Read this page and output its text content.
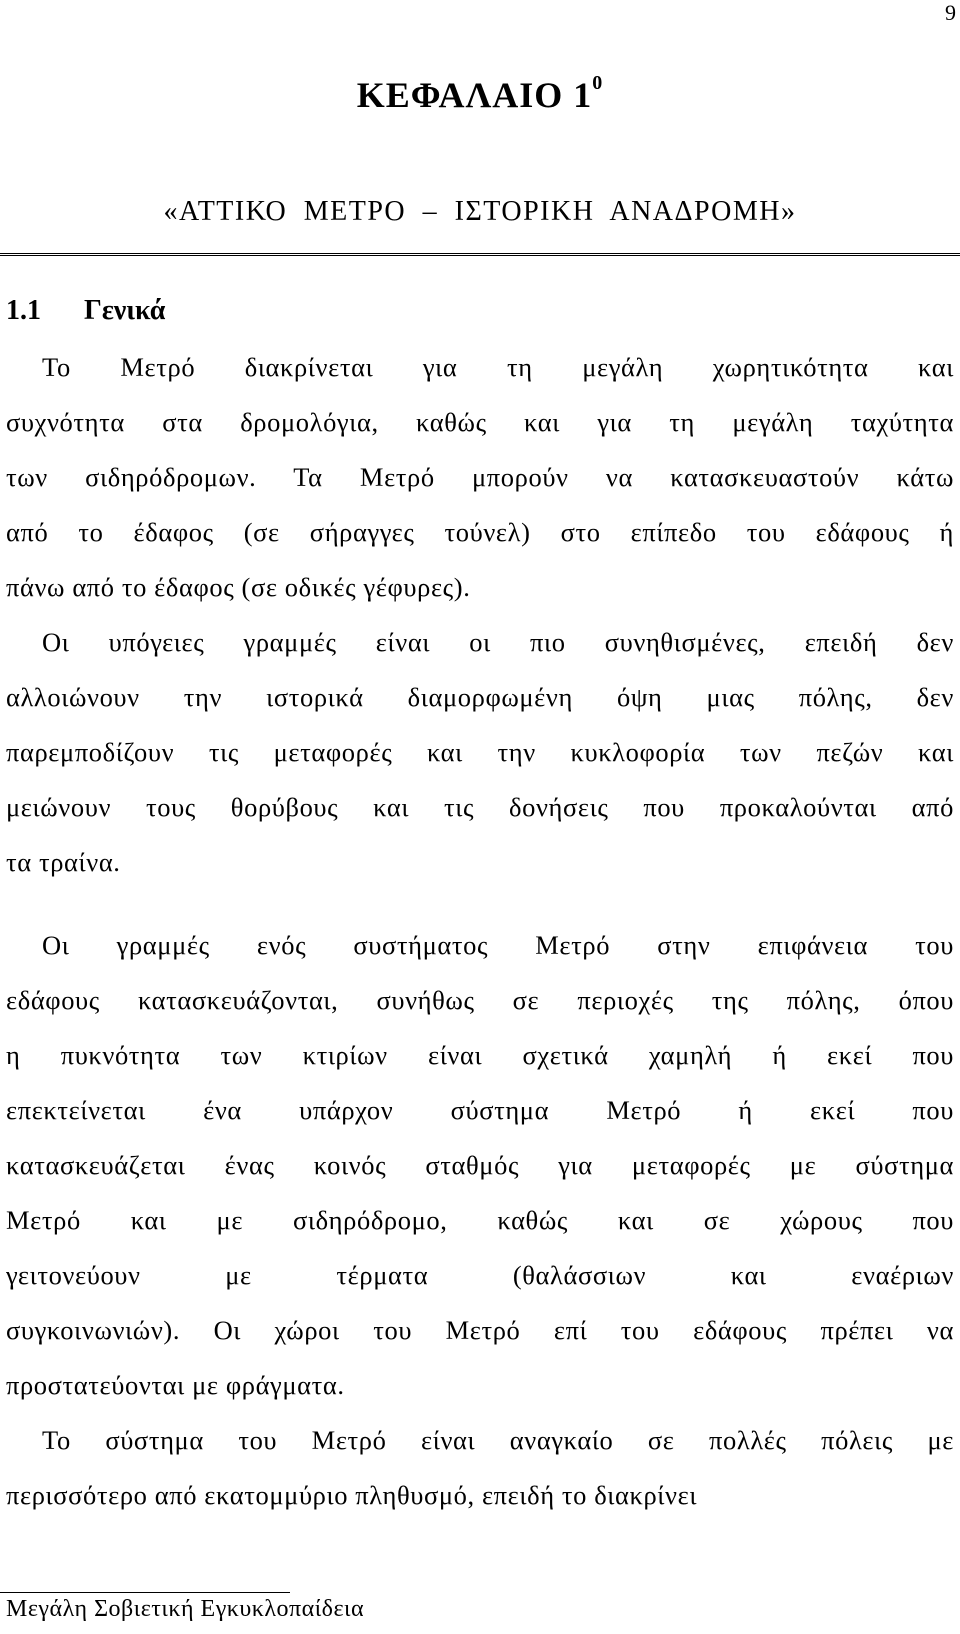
9
ΚΕΦΑΛΑΙΟ $1^0$
«ΑΤΤΙΚΟ ΜΕΤΡΟ – ΙΣΤΟΡΙΚΗ ΑΝΑΔΡΟΜΗ»
1.1 Γενικά
Το Μετρό διακρίνεται για τη μεγάλη χωρητικότητα και
συχνότητα στα δρομολόγια, καθώς και για τη μεγάλη ταχύτητα
των σιδηρόδρομων. Τα Μετρό μπορούν να κατασκευαστούν κάτω
από το έδαφος (σε σήραγγες τούνελ) στο επίπεδο του εδάφους ή
πάνω από το έδαφος (σε οδικές γέφυρες).
Οι υπόγειες γραμμές είναι οι πιο συνηθισμένες, επειδή δεν
αλλοιώνουν την ιστορικά διαμορφωμένη όψη μιας πόλης, δεν
παρεμποδίζουν τις μεταφορές και την κυκλοφορία των πεζών και
μειώνουν τους θορύβους και τις δονήσεις που προκαλούνται από
τα τραίνα.
Οι γραμμές ενός συστήματος Μετρό στην επιφάνεια του
εδάφους κατασκευάζονται, συνήθως σε περιοχές της πόλης, όπου
η πυκνότητα των κτιρίων είναι σχετικά χαμηλή ή εκεί που
επεκτείνεται ένα υπάρχον σύστημα Μετρό ή εκεί που
κατασκευάζεται ένας κοινός σταθμός για μεταφορές με σύστημα
Μετρό και με σιδηρόδρομο, καθώς και σε χώρους που
γειτονεύουν με τέρματα (θαλάσσιων και εναέριων
συγκοινωνιών). Οι χώροι του Μετρό επί του εδάφους πρέπει να
προστατεύονται με φράγματα.
Το σύστημα του Μετρό είναι αναγκαίο σε πολλές πόλεις με
περισσότερο από εκατομμύριο πληθυσμό, επειδή το διακρίνει
Μεγάλη Σοβιετική Εγκυκλοπαίδεια
